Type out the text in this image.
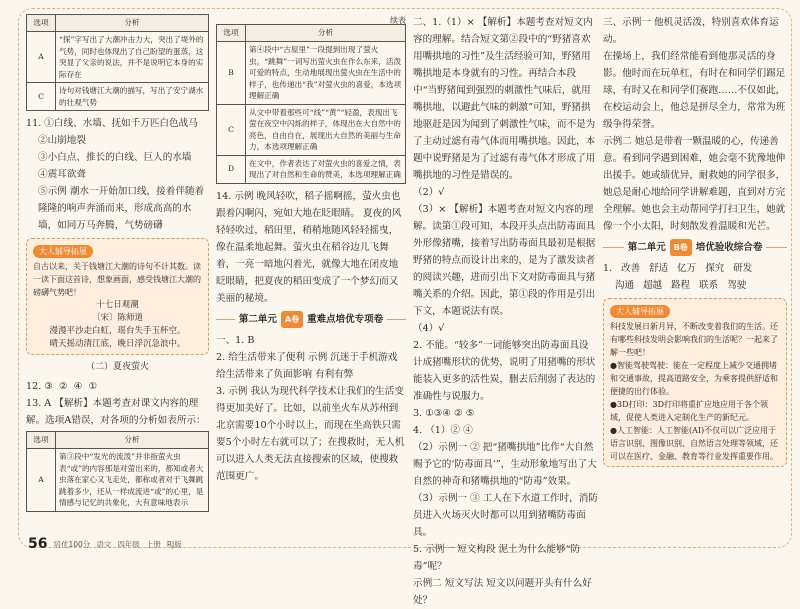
选项	分析
A	“探”字写出了大潮冲击力大，突出了堤外的气势，同时也体现出了自己盼望的蛋蒸，这突显了父亲的说法，并不是说明它本身的实际存在
C	诗句对钱塘江大潮的描写，写出了安宁湖水的壮观气势

11. ①白线、水墙、抚如千万匹白色战马

②山崩地裂

③小白点、推长的白线、巨人的水墙

④震耳欲聋

⑤示例 潮水一开始加口线，接着伴随着隆隆的响声奔涌而来，形成高高的水墙，如同万马奔腾，气势磅礴

大人辅导拓展

自古以来，关于钱塘江大潮的诗句不计其数。读一读下面这首诗，想象画面，感受钱塘江大潮的磅礴气势吧！

十七日观潮
〔宋〕陈师道
漫漫平沙走白虹，瑶台失手玉杯空。
晴天摇动清江底，晚日浮沉急浪中。
（二）夏夜萤火

12. ③ ② ④ ①

13. A 【解析】本题考查对课文内容的理解。选项A错误，对各项的分析如表所示：

选项	分析
A	第③段中“发光的流泼”并非指萤火虫表“或”的内容那是对萤出来的，都知或者大虫落在家心又飞走处，都称或者对于飞舞跳跳着多少，还从一样成流进“或”的心里，是情感与记忆的共象化，大有意味地表示
56 培优100分 语文 四年级 上册 RJ版
续表
选项	分析
B	第④段中“古屋里”一段提到出现了萤火虫，“跳舞”一词写出萤火虫在作么东来，活泼可爱的特点，生动地展现出萤火虫在生活中的样子，也传递出“我”对萤火虫的喜爱，本选项理解正确
C	从文中带着那些可“线”“黄”“轻盈，表现出飞萤在夜空中闪烁的样子，体现出在大自然中的亮色，自由自在，展现出大自然的美丽与生命力，本选项理解正确
D	在文中，作者表达了对萤火虫的喜爱之情，表现出了对自然和生命的赞美，本选项理解正确

14. 示例 晚风轻吹，稻子摇啊摇，萤火虫也跟着闪啊闪，宛如大地在眨眼睛。 夏夜的风轻轻吹过，稻田里，稍稍地随风轻轻摇曳，像在温柔地起舞。萤火虫在稻谷边儿飞舞着，一亮一暗地闪着光，就像大地在闭皮地眨眼睛，把夏夜的稻田变成了一个梦幻而又美丽的秘境。

第二单元	A卷 重难点培优专项卷

一、1. B

2. 给生活带来了便利 示例 沉迷于手机游戏 给生活带来了负面影响 有利有弊

3. 示例 我认为现代科学技术让我们的生活变得更加美好了。比如，以前坐火车从苏州到北京需要10个小时以上，而现在坐高铁只需要5个小时左右就可以了；在搜救时，无人机可以进入人类无法直接搜索的区域，使搜救范围更广。

二、1.（1）× 【解析】本题考查对短文内容的理解。结合短文第②段中的“野猪喜欢用嘴拱地的习性”及生活经验可知，野猪用嘴拱地是本身就有的习性。再结合本段中“当野猪闻到强烈的刺激性气味后，就用嘴拱地，以避此气味的刺激”可知，野猪拱地驱赶是因为闻到了刺激性气味，而不是为了主动过滤有毒气体而用嘴拱地。因此，本题中说野猪是为了过滤有毒气体才形成了用嘴拱地的习性是错误的。

（2）√

（3）× 【解析】本题考查对短文内容的理解。读第①段可知，本段开头点出防毒面具外形像猪嘴，接着写出防毒面具最初是根据野猪的特点而设计出来的，是为了激发读者的阅读兴趣，进而引出下文对防毒面具与猪嘴关系的介绍。因此，第①段的作用是引出下文，本题说法有误。

（4）√

2. 不能。“较多”一词能够突出防毒面具设计成猪嘴形状的优势，说明了用猪嘴的形状能装入更多的活性炭，删去后削弱了表达的准确性与说服力。

3. ①③④ ② ⑤

4. （1）② ④

（2）示例一 ② 把“猪嘴拱地”比作“大自然赐予它的‘防毒面具’”，生动形象地写出了大自然的神奇和猪嘴拱地的“防毒”效果。

（3）示例一 ③ 工人在下水道工作时，消防员进入火场灭火时都可以用到猪嘴防毒面具。

5. 示例一 短文构段 泥土为什么能够“防毒”呢？

示例二 短文写法 短文以问题开头有什么好处？

三、示例一 他机灵活泼，特别喜欢体育运动。

在操场上，我们经常能看到他那灵活的身影。他时而在玩单杠，有时在和同学们踢足球，有时又在和同学们赛跑……不仅如此，在校运动会上，他总是拼尽全力，常常为班级争得荣誉。

示例二 她总是带着一颗温暖的心，传递善意。看到同学遇到困难，她会毫不犹豫地伸出援手。她或绩优异，耐救她的同学很多，她总是耐心地给同学讲解难题，直到对方完全理解。她也会主动帮同学打扫卫生，她就像一个小太阳，时刻散发着温暖和光芒。

第二单元	B卷 培优验收综合卷

1. 改善 舒适 亿万 探究 研发

沟通 超越 路程 联系 驾驶

大人辅导拓展

科技发展日新月异，不断改变着我们的生活。还有哪些科技发明会影响我们的生活呢？一起来了解一些吧！

●智能驾驶驾驶：能在一定程度上减少交通拥堵和交通事故，提高道路安全，为乘客提供舒适和便捷的出行体验。

●3D打印：3D打印将重扩应地应用于各个领域，促使人类进入定制化生产的新纪元。

●人工智能：人工智能(AI)不仅可以广泛应用于语言识别、图像识别、自然语言处理等领域，还可以在医疗、金融、教育等行业发挥重要作用。
